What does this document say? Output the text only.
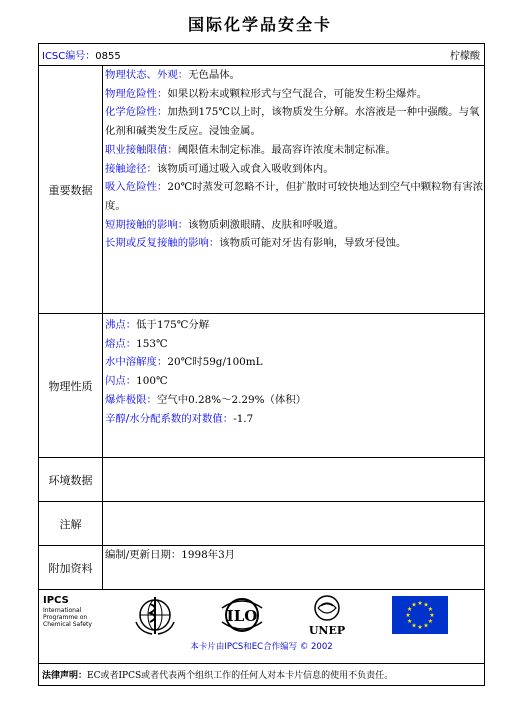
国际化学品安全卡
ICSC编号：0855	柠檬酸
重要数据

物理状态、外观：无色晶体。

物理危险性：如果以粉末或颗粒形式与空气混合，可能发生粉尘爆炸。

化学危险性：加热到175℃以上时，该物质发生分解。水溶液是一种中强酸。与氧化剂和碱类发生反应。浸蚀金属。

职业接触限值：阈限值未制定标准。最高容许浓度未制定标准。

接触途径：该物质可通过吸入或食入吸收到体内。

吸入危险性：20℃时蒸发可忽略不计，但扩散时可较快地达到空气中颗粒物有害浓度。

短期接触的影响：该物质刺激眼睛、皮肤和呼吸道。

长期或反复接触的影响：该物质可能对牙齿有影响，导致牙侵蚀。

物理性质

沸点：低于175℃分解

熔点：153℃

水中溶解度：20℃时59g/100mL

闪点：100℃

爆炸极限：空气中0.28%～2.29%（体积）

辛醇/水分配系数的对数值：-1.7

环境数据
注解
附加资料
编制/更新日期：1998年3月
IPCS
International
Programme on
Chemical Safety	ILO
UNEP
本卡片由IPCS和EC合作编写 © 2002
法律声明：EC或者IPCS或者代表两个组织工作的任何人对本卡片信息的使用不负责任。
